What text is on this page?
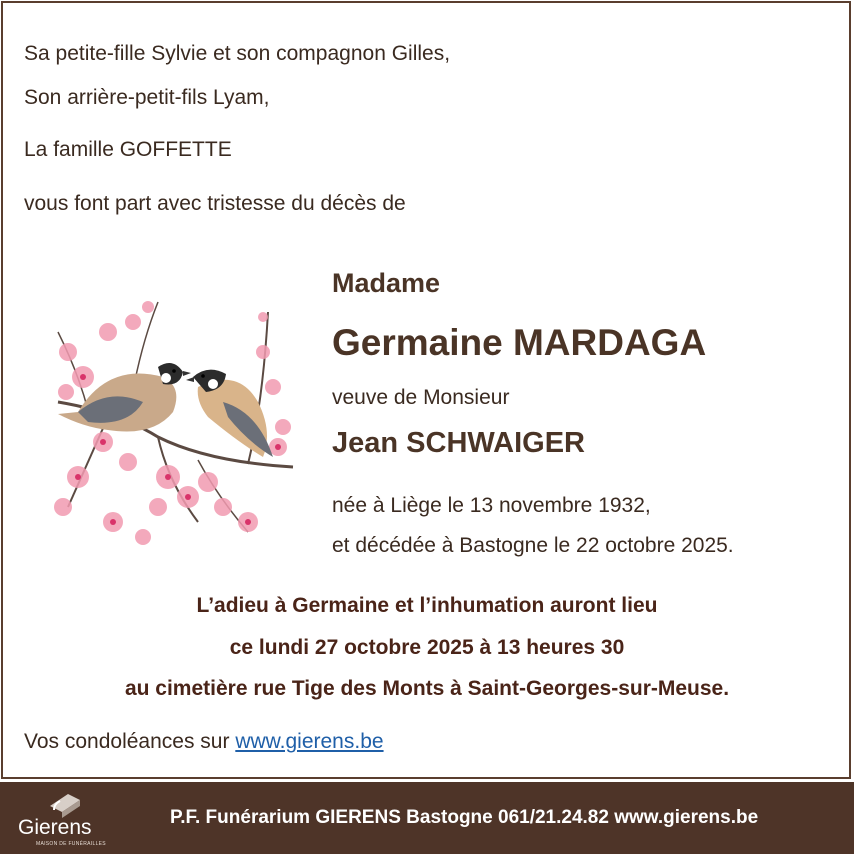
Sa petite-fille Sylvie et son compagnon Gilles,
Son arrière-petit-fils Lyam,
La famille GOFFETTE
vous font part avec tristesse du décès de
Madame
Germaine MARDAGA
veuve de Monsieur
Jean SCHWAIGER
née à Liège le 13 novembre 1932,
et décédée à Bastogne le 22 octobre 2025.
L’adieu à Germaine et l’inhumation auront lieu
ce lundi 27 octobre 2025 à 13 heures 30
au cimetière rue Tige des Monts à Saint-Georges-sur-Meuse.
Vos condoléances sur www.gierens.be
Gierens
MAISON DE FUNÉRAILLES
P.F. Funérarium GIERENS Bastogne 061/21.24.82 www.gierens.be
